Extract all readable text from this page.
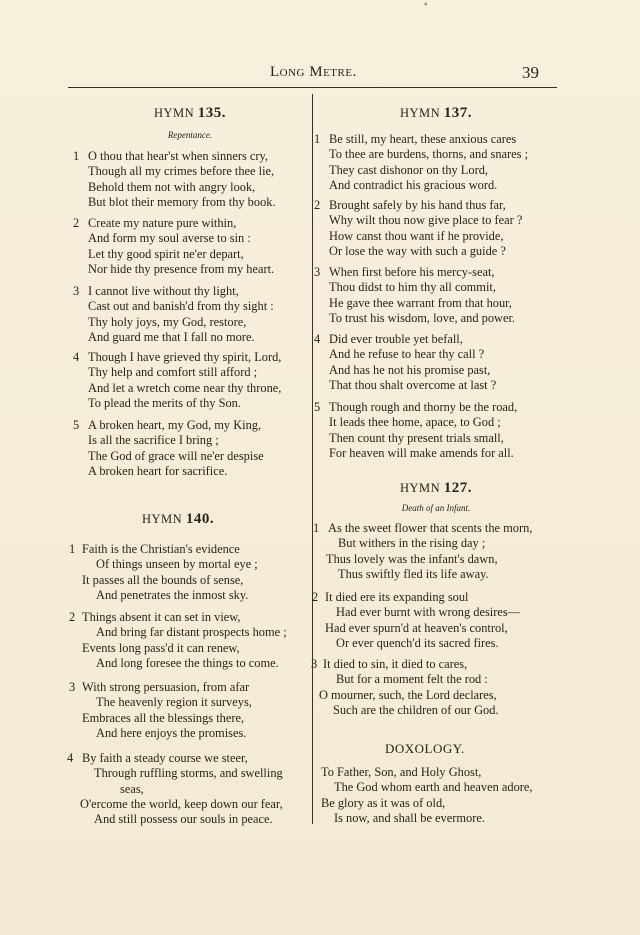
⁴
Long Metre.	39
HYMN 135.
Repentance.
1 O thou that hear'st when sinners cry,
Though all my crimes before thee lie,
Behold them not with angry look,
But blot their memory from thy book.
2 Create my nature pure within,
And form my soul averse to sin :
Let thy good spirit ne'er depart,
Nor hide thy presence from my heart.
3 I cannot live without thy light,
Cast out and banish'd from thy sight :
Thy holy joys, my God, restore,
And guard me that I fall no more.
4 Though I have grieved thy spirit, Lord,
Thy help and comfort still afford ;
And let a wretch come near thy throne,
To plead the merits of thy Son.
5 A broken heart, my God, my King,
Is all the sacrifice I bring ;
The God of grace will ne'er despise
A broken heart for sacrifice.
HYMN 140.
1 Faith is the Christian's evidence
Of things unseen by mortal eye ;
It passes all the bounds of sense,
And penetrates the inmost sky.
2 Things absent it can set in view,
And bring far distant prospects home ;
Events long pass'd it can renew,
And long foresee the things to come.
3 With strong persuasion, from afar
The heavenly region it surveys,
Embraces all the blessings there,
And here enjoys the promises.
4 By faith a steady course we steer,
Through ruffling storms, and swelling
seas,
O'ercome the world, keep down our fear,
And still possess our souls in peace.
HYMN 137.
1 Be still, my heart, these anxious cares
To thee are burdens, thorns, and snares ;
They cast dishonor on thy Lord,
And contradict his gracious word.
2 Brought safely by his hand thus far,
Why wilt thou now give place to fear ?
How canst thou want if he provide,
Or lose the way with such a guide ?
3 When first before his mercy-seat,
Thou didst to him thy all commit,
He gave thee warrant from that hour,
To trust his wisdom, love, and power.
4 Did ever trouble yet befall,
And he refuse to hear thy call ?
And has he not his promise past,
That thou shalt overcome at last ?
5 Though rough and thorny be the road,
It leads thee home, apace, to God ;
Then count thy present trials small,
For heaven will make amends for all.
HYMN 127.
Death of an Infant.
1 As the sweet flower that scents the morn,
But withers in the rising day ;
Thus lovely was the infant's dawn,
Thus swiftly fled its life away.
2 It died ere its expanding soul
Had ever burnt with wrong desires—
Had ever spurn'd at heaven's control,
Or ever quench'd its sacred fires.
3 It died to sin, it died to cares,
But for a moment felt the rod :
O mourner, such, the Lord declares,
Such are the children of our God.
DOXOLOGY.
To Father, Son, and Holy Ghost,
The God whom earth and heaven adore,
Be glory as it was of old,
Is now, and shall be evermore.
